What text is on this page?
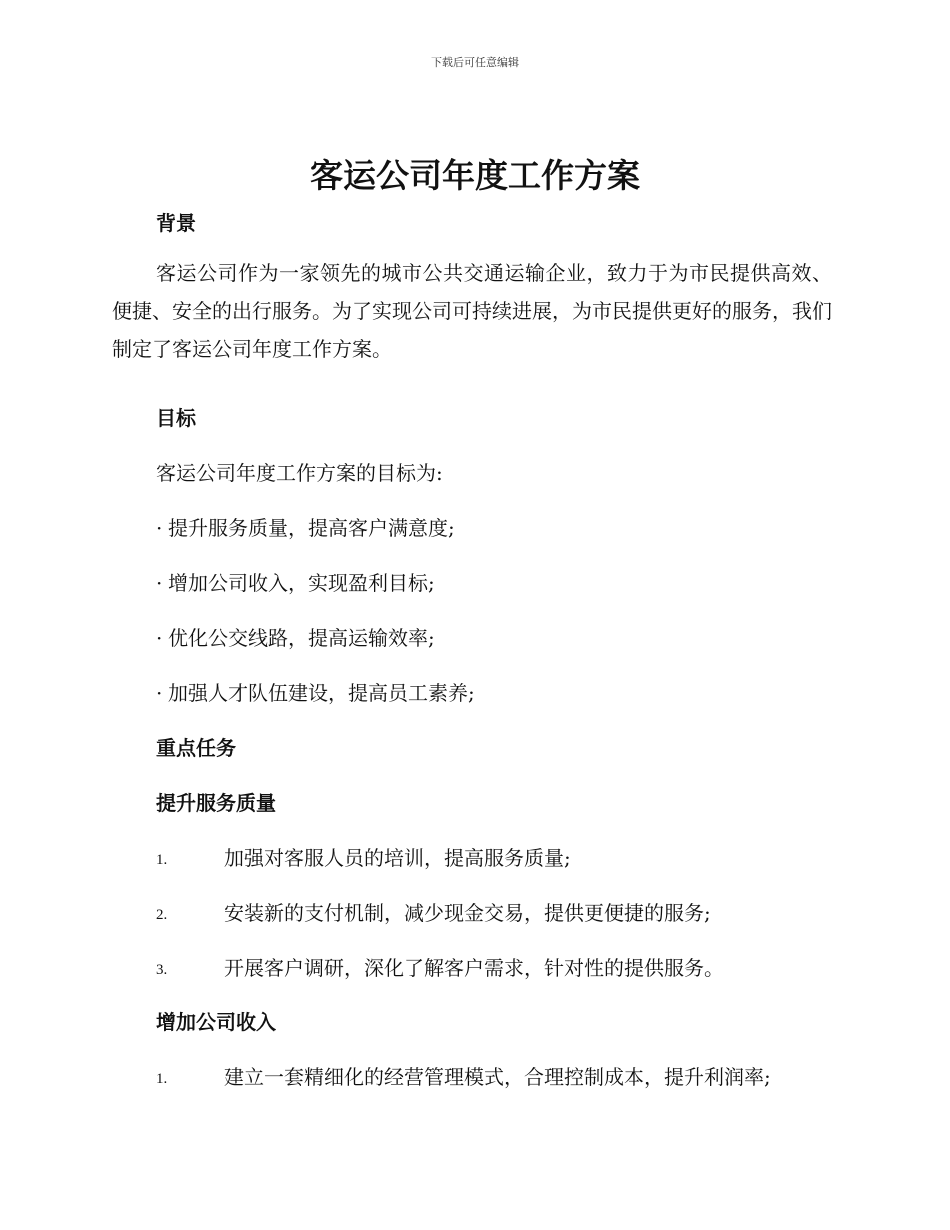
下载后可任意编辑
客运公司年度工作方案
背景

客运公司作为一家领先的城市公共交通运输企业，致力于为市民提供高效、便捷、安全的出行服务。为了实现公司可持续进展，为市民提供更好的服务，我们制定了客运公司年度工作方案。

目标

客运公司年度工作方案的目标为:

· 提升服务质量，提高客户满意度;
· 增加公司收入，实现盈利目标;
· 优化公交线路，提高运输效率;
· 加强人才队伍建设，提高员工素养;
重点任务
提升服务质量
1.	加强对客服人员的培训，提高服务质量;
2.	安装新的支付机制，减少现金交易，提供更便捷的服务;
3.	开展客户调研，深化了解客户需求，针对性的提供服务。
增加公司收入
1.	建立一套精细化的经营管理模式，合理控制成本，提升利润率;
